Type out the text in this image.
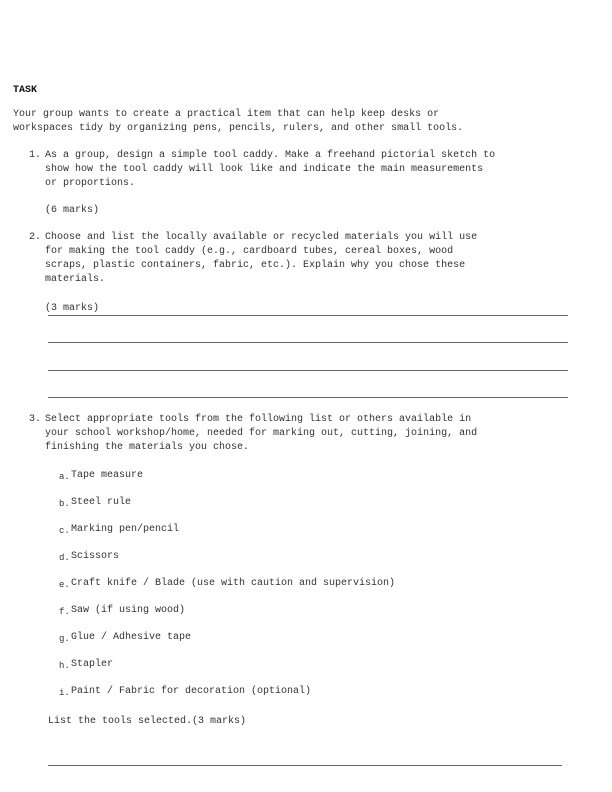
TASK
Your group wants to create a practical item that can help keep desks or
workspaces tidy by organizing pens, pencils, rulers, and other small tools.
1. As a group, design a simple tool caddy. Make a freehand pictorial sketch to
show how the tool caddy will look like and indicate the main measurements
or proportions.
(6 marks)
2. Choose and list the locally available or recycled materials you will use
for making the tool caddy (e.g., cardboard tubes, cereal boxes, wood
scraps, plastic containers, fabric, etc.). Explain why you chose these
materials.
(3 marks)
3. Select appropriate tools from the following list or others available in
your school workshop/home, needed for marking out, cutting, joining, and
finishing the materials you chose.
a. Tape measure
b. Steel rule
c. Marking pen/pencil
d. Scissors
e. Craft knife / Blade (use with caution and supervision)
f. Saw (if using wood)
g. Glue / Adhesive tape
h. Stapler
i. Paint / Fabric for decoration (optional)
List the tools selected.(3 marks)
